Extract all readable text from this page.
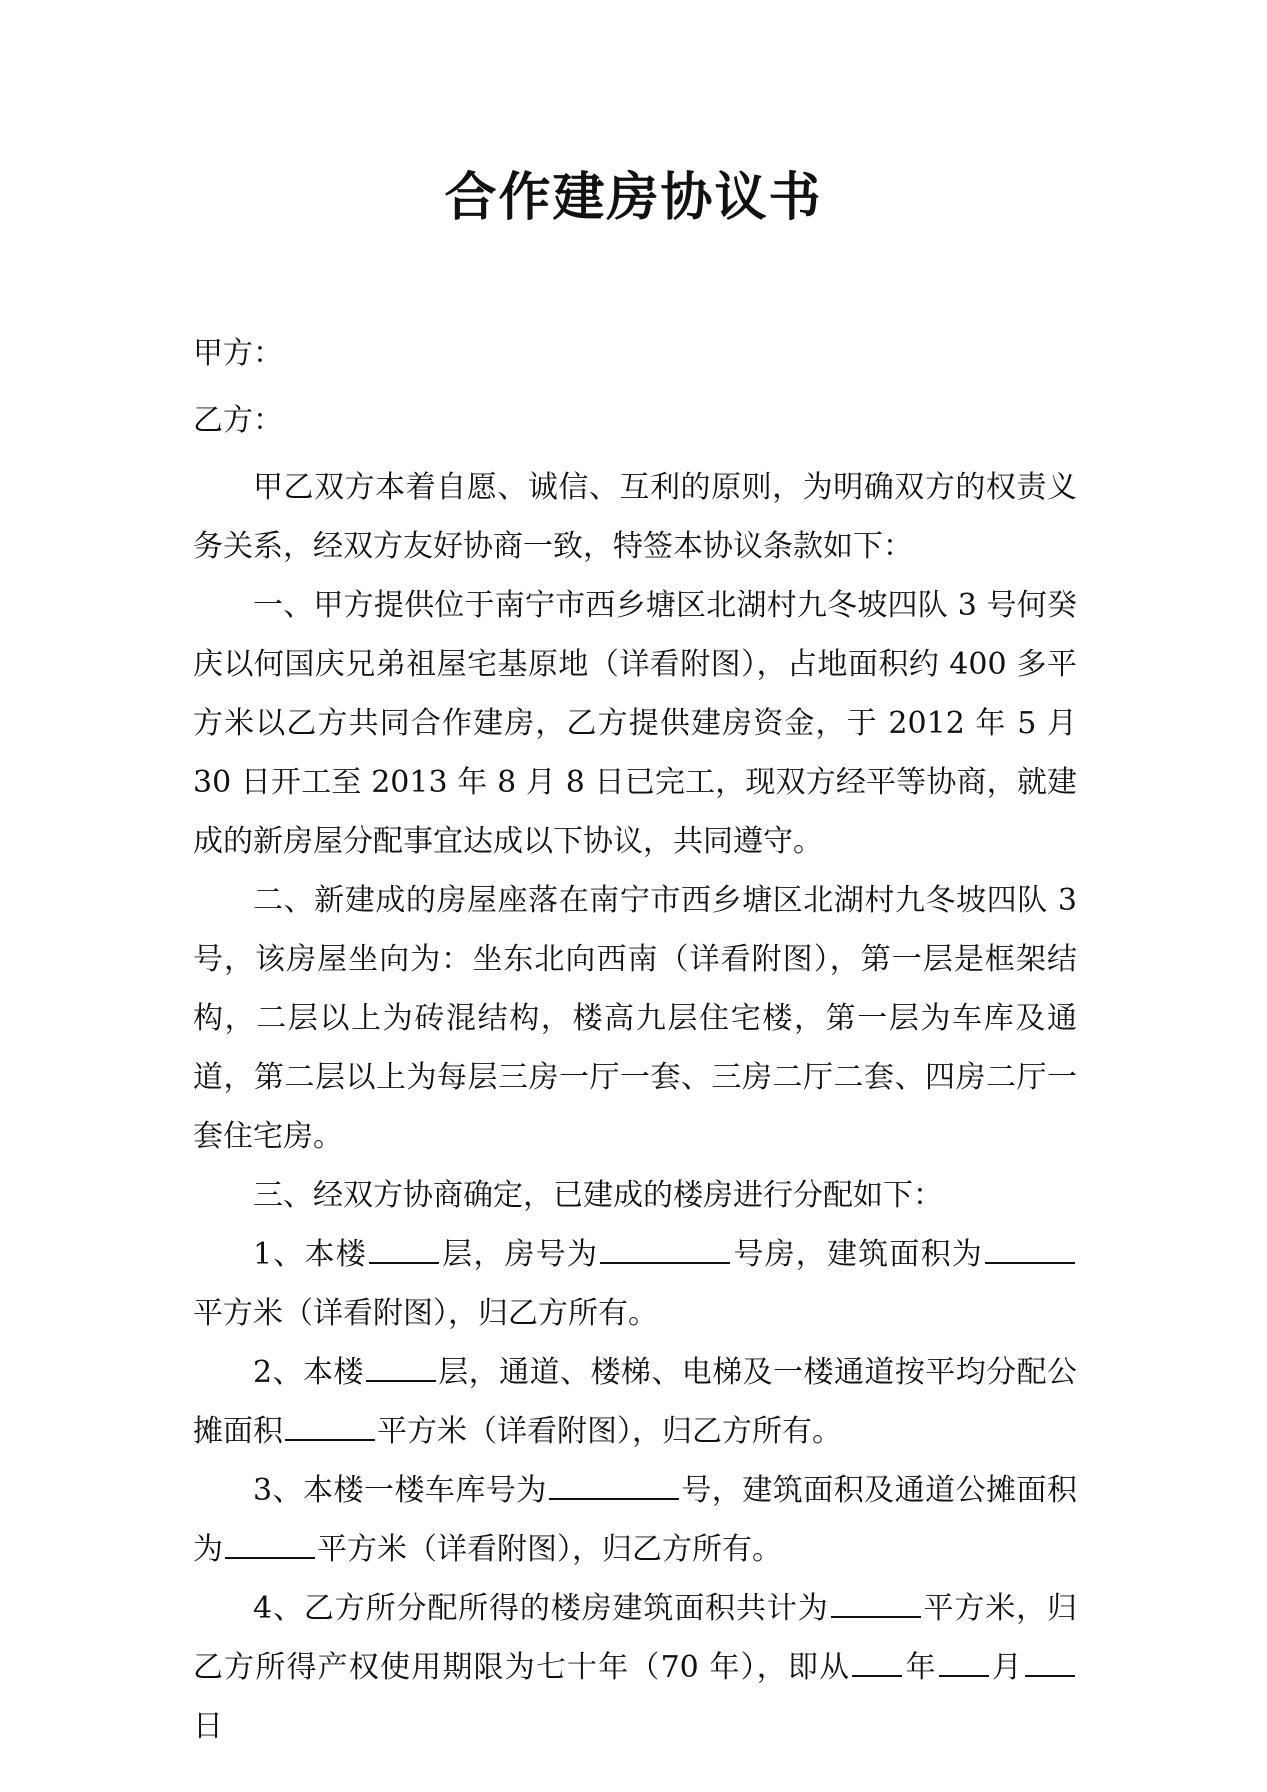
合作建房协议书

甲方：

乙方：

甲乙双方本着自愿、诚信、互利的原则，为明确双方的权责义务关系，经双方友好协商一致，特签本协议条款如下：

一、甲方提供位于南宁市西乡塘区北湖村九冬坡四队 3 号何癸庆以何国庆兄弟祖屋宅基原地（详看附图），占地面积约 400 多平方米以乙方共同合作建房，乙方提供建房资金，于 2012 年 5 月 30 日开工至 2013 年 8 月 8 日已完工，现双方经平等协商，就建成的新房屋分配事宜达成以下协议，共同遵守。

二、新建成的房屋座落在南宁市西乡塘区北湖村九冬坡四队 3 号，该房屋坐向为：坐东北向西南（详看附图），第一层是框架结构，二层以上为砖混结构，楼高九层住宅楼，第一层为车库及通道，第二层以上为每层三房一厅一套、三房二厅二套、四房二厅一套住宅房。

三、经双方协商确定，已建成的楼房进行分配如下：

1、本楼 层，房号为	号房，建筑面积为平方米（详看附图），归乙方所有。

2、本楼 层，通道、楼梯、电梯及一楼通道按平均分配公摊面积	平方米（详看附图），归乙方所有。

3、本楼一楼车库号为	号，建筑面积及通道公摊面积为	平方米（详看附图），归乙方所有。

4、乙方所分配所得的楼房建筑面积共计为	平方米，归乙方所得产权使用期限为七十年（70 年），即从 年 月日
